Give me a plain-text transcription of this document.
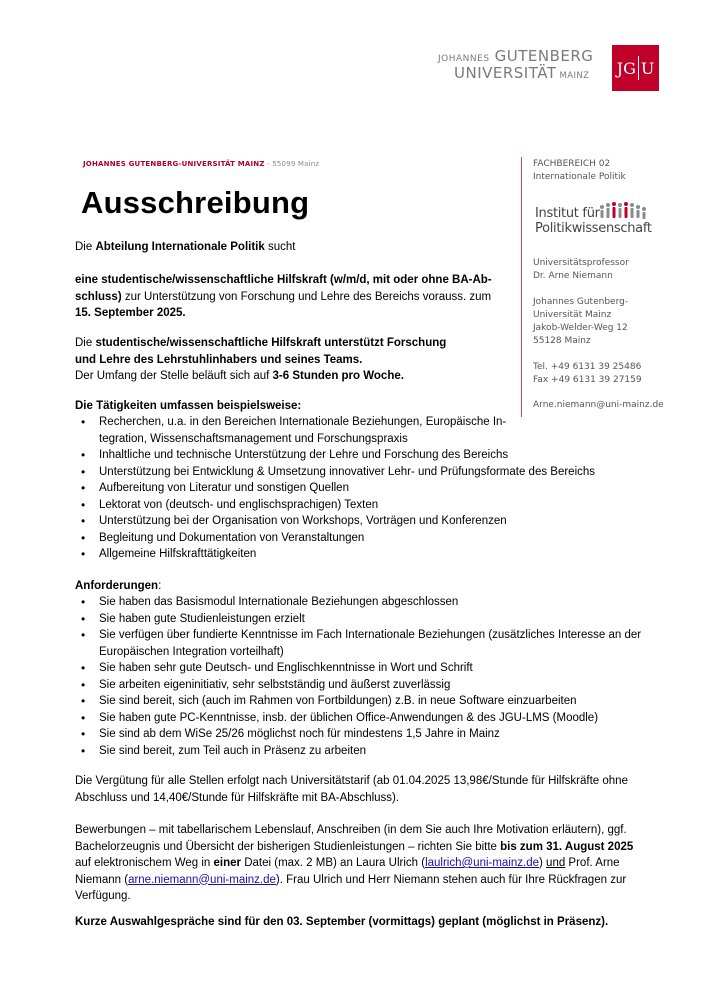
JOHANNES GUTENBERG
UNIVERSITÄT MAINZ JG U
JOHANNES GUTENBERG-UNIVERSITÄT MAINZ - 55099 Mainz
Ausschreibung
FACHBEREICH 02
Internationale Politik
Institut für
Politikwissenschaft
Universitätsprofessor
Dr. Arne Niemann
Johannes Gutenberg-
Universität Mainz
Jakob-Welder-Weg 12
55128 Mainz
Tel. +49 6131 39 25486
Fax +49 6131 39 27159
Arne.niemann@uni-mainz.de
Die Abteilung Internationale Politik sucht
eine studentische/wissenschaftliche Hilfskraft (w/m/d, mit oder ohne BA-Ab-
schluss) zur Unterstützung von Forschung und Lehre des Bereichs vorauss. zum
15. September 2025.
Die studentische/wissenschaftliche Hilfskraft unterstützt Forschung
und Lehre des Lehrstuhlinhabers und seines Teams.
Der Umfang der Stelle beläuft sich auf 3-6 Stunden pro Woche.
Die Tätigkeiten umfassen beispielsweise:
• Recherchen, u.a. in den Bereichen Internationale Beziehungen, Europäische In-
tegration, Wissenschaftsmanagement und Forschungspraxis
• Inhaltliche und technische Unterstützung der Lehre und Forschung des Bereichs
• Unterstützung bei Entwicklung & Umsetzung innovativer Lehr- und Prüfungsformate des Bereichs
• Aufbereitung von Literatur und sonstigen Quellen
• Lektorat von (deutsch- und englischsprachigen) Texten
• Unterstützung bei der Organisation von Workshops, Vorträgen und Konferenzen
• Begleitung und Dokumentation von Veranstaltungen
• Allgemeine Hilfskrafttätigkeiten
Anforderungen:
• Sie haben das Basismodul Internationale Beziehungen abgeschlossen
• Sie haben gute Studienleistungen erzielt
• Sie verfügen über fundierte Kenntnisse im Fach Internationale Beziehungen (zusätzliches Interesse an der
Europäischen Integration vorteilhaft)
• Sie haben sehr gute Deutsch- und Englischkenntnisse in Wort und Schrift
• Sie arbeiten eigeninitiativ, sehr selbstständig und äußerst zuverlässig
• Sie sind bereit, sich (auch im Rahmen von Fortbildungen) z.B. in neue Software einzuarbeiten
• Sie haben gute PC-Kenntnisse, insb. der üblichen Office-Anwendungen & des JGU-LMS (Moodle)
• Sie sind ab dem WiSe 25/26 möglichst noch für mindestens 1,5 Jahre in Mainz
• Sie sind bereit, zum Teil auch in Präsenz zu arbeiten
Die Vergütung für alle Stellen erfolgt nach Universitätstarif (ab 01.04.2025 13,98€/Stunde für Hilfskräfte ohne
Abschluss und 14,40€/Stunde für Hilfskräfte mit BA-Abschluss).
Bewerbungen – mit tabellarischem Lebenslauf, Anschreiben (in dem Sie auch Ihre Motivation erläutern), ggf.
Bachelorzeugnis und Übersicht der bisherigen Studienleistungen – richten Sie bitte bis zum 31. August 2025
auf elektronischem Weg in einer Datei (max. 2 MB) an Laura Ulrich (laulrich@uni-mainz.de) und Prof. Arne
Niemann (arne.niemann@uni-mainz.de). Frau Ulrich und Herr Niemann stehen auch für Ihre Rückfragen zur
Verfügung.
Kurze Auswahlgespräche sind für den 03. September (vormittags) geplant (möglichst in Präsenz).
